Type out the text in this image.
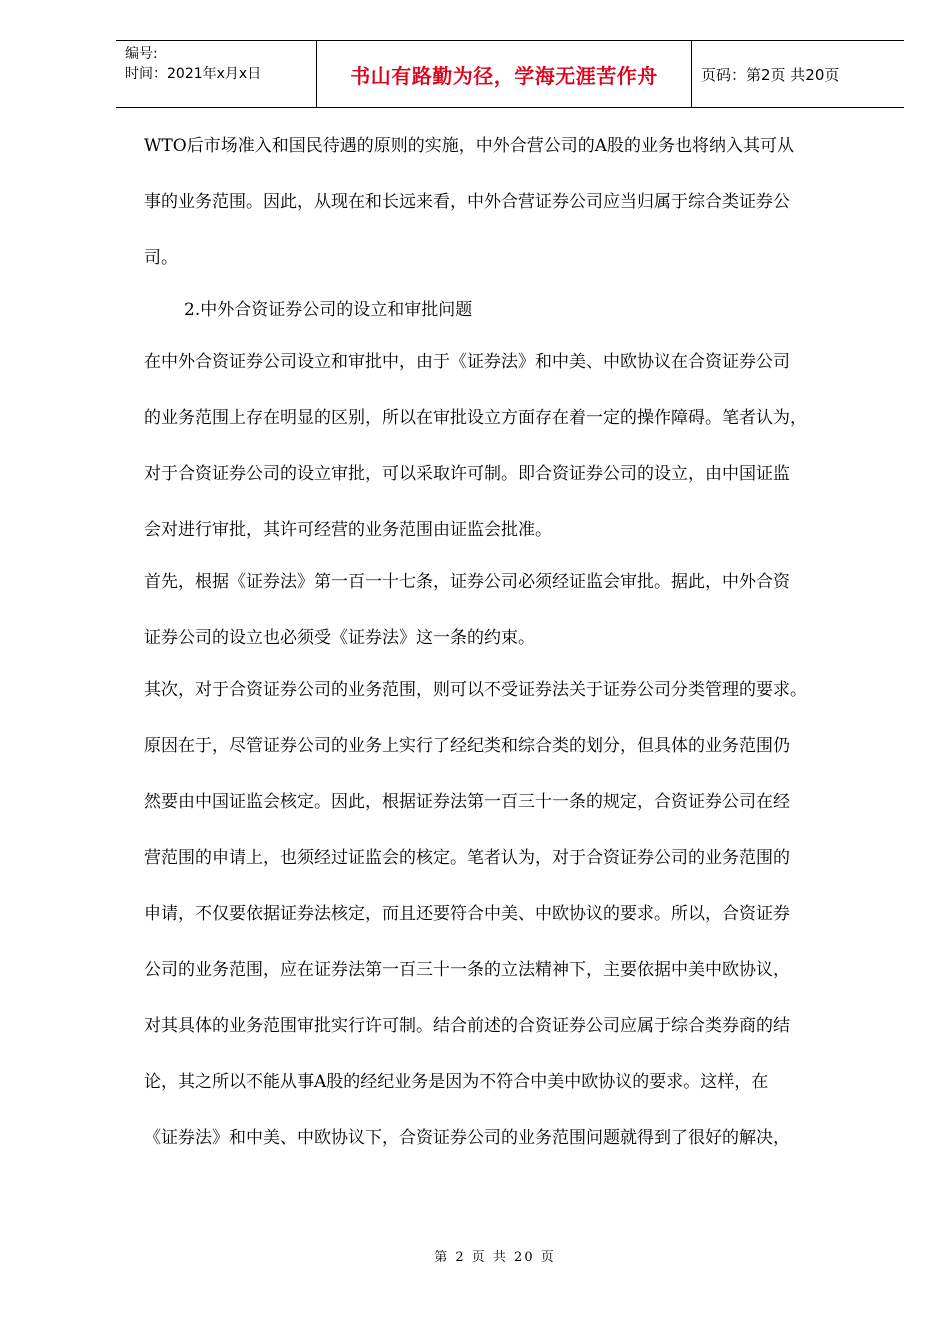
编号:
时间：2021年x月x日	书山有路勤为径，学海无涯苦作舟	页码：第2页 共20页
WTO后市场准入和国民待遇的原则的实施，中外合营公司的A股的业务也将纳入其可从
事的业务范围。因此，从现在和长远来看，中外合营证券公司应当归属于综合类证券公
司。
2.中外合资证券公司的设立和审批问题
在中外合资证券公司设立和审批中，由于《证券法》和中美、中欧协议在合资证券公司
的业务范围上存在明显的区别，所以在审批设立方面存在着一定的操作障碍。笔者认为，
对于合资证券公司的设立审批，可以采取许可制。即合资证券公司的设立，由中国证监
会对进行审批，其许可经营的业务范围由证监会批准。
首先，根据《证券法》第一百一十七条，证券公司必须经证监会审批。据此，中外合资
证券公司的设立也必须受《证券法》这一条的约束。
其次，对于合资证券公司的业务范围，则可以不受证券法关于证券公司分类管理的要求。
原因在于，尽管证券公司的业务上实行了经纪类和综合类的划分，但具体的业务范围仍
然要由中国证监会核定。因此，根据证券法第一百三十一条的规定，合资证券公司在经
营范围的申请上，也须经过证监会的核定。笔者认为，对于合资证券公司的业务范围的
申请，不仅要依据证券法核定，而且还要符合中美、中欧协议的要求。所以，合资证券
公司的业务范围，应在证券法第一百三十一条的立法精神下，主要依据中美中欧协议，
对其具体的业务范围审批实行许可制。结合前述的合资证券公司应属于综合类券商的结
论，其之所以不能从事A股的经纪业务是因为不符合中美中欧协议的要求。这样，在
《证券法》和中美、中欧协议下，合资证券公司的业务范围问题就得到了很好的解决，
第 2 页 共 20 页
